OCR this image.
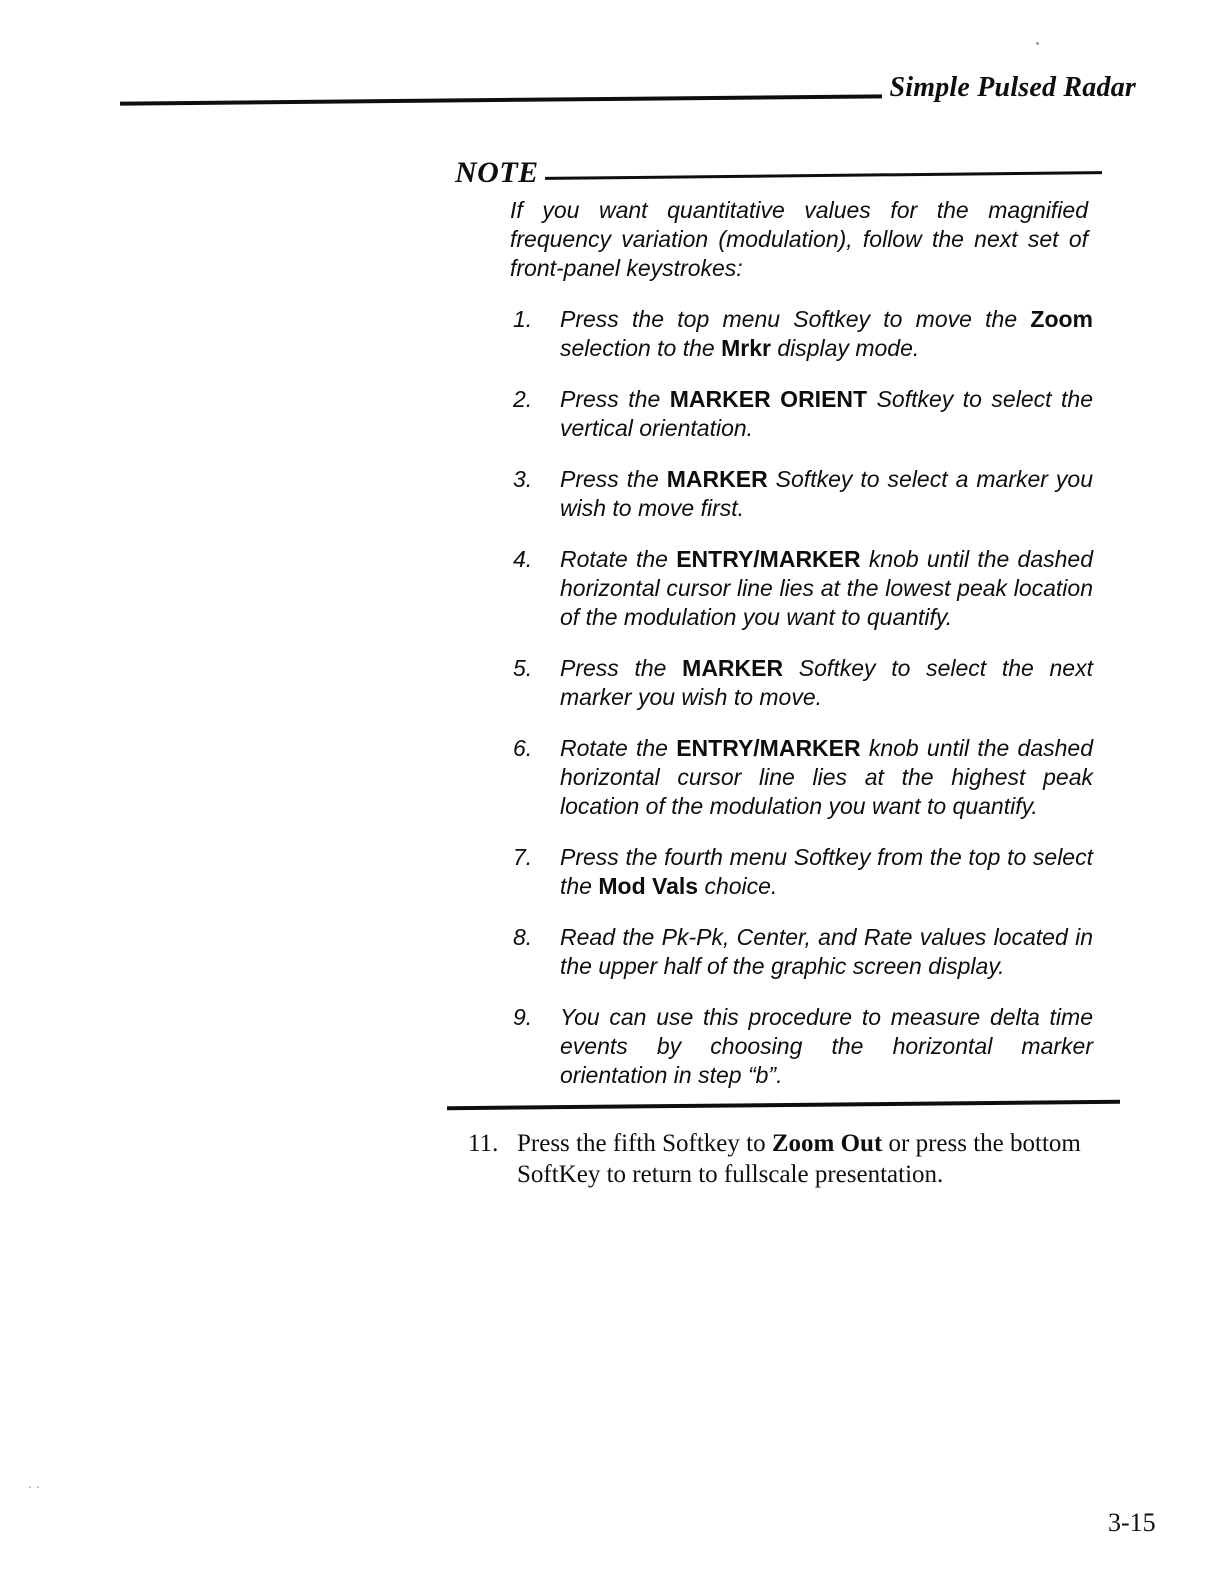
Simple Pulsed Radar
NOTE

If you want quantitative values for the magnified frequency variation (modulation), follow the next set of front-panel keystrokes:

1.	Press the top menu Softkey to move the Zoom selection to the Mrkr display mode.
2.	Press the MARKER ORIENT Softkey to select the vertical orientation.
3.	Press the MARKER Softkey to select a marker you wish to move first.
4.	Rotate the ENTRY/MARKER knob until the dashed horizontal cursor line lies at the lowest peak location of the modulation you want to quantify.
5.	Press the MARKER Softkey to select the next marker you wish to move.
6.	Rotate the ENTRY/MARKER knob until the dashed horizontal cursor line lies at the highest peak location of the modulation you want to quantify.
7.	Press the fourth menu Softkey from the top to select the Mod Vals choice.
8.	Read the Pk-Pk, Center, and Rate values located in the upper half of the graphic screen display.
9.	You can use this procedure to measure delta time events by choosing the horizontal marker orientation in step “b”.
11. Press the fifth Softkey to Zoom Out or press the bottom SoftKey to return to fullscale presentation.
3-15
..
